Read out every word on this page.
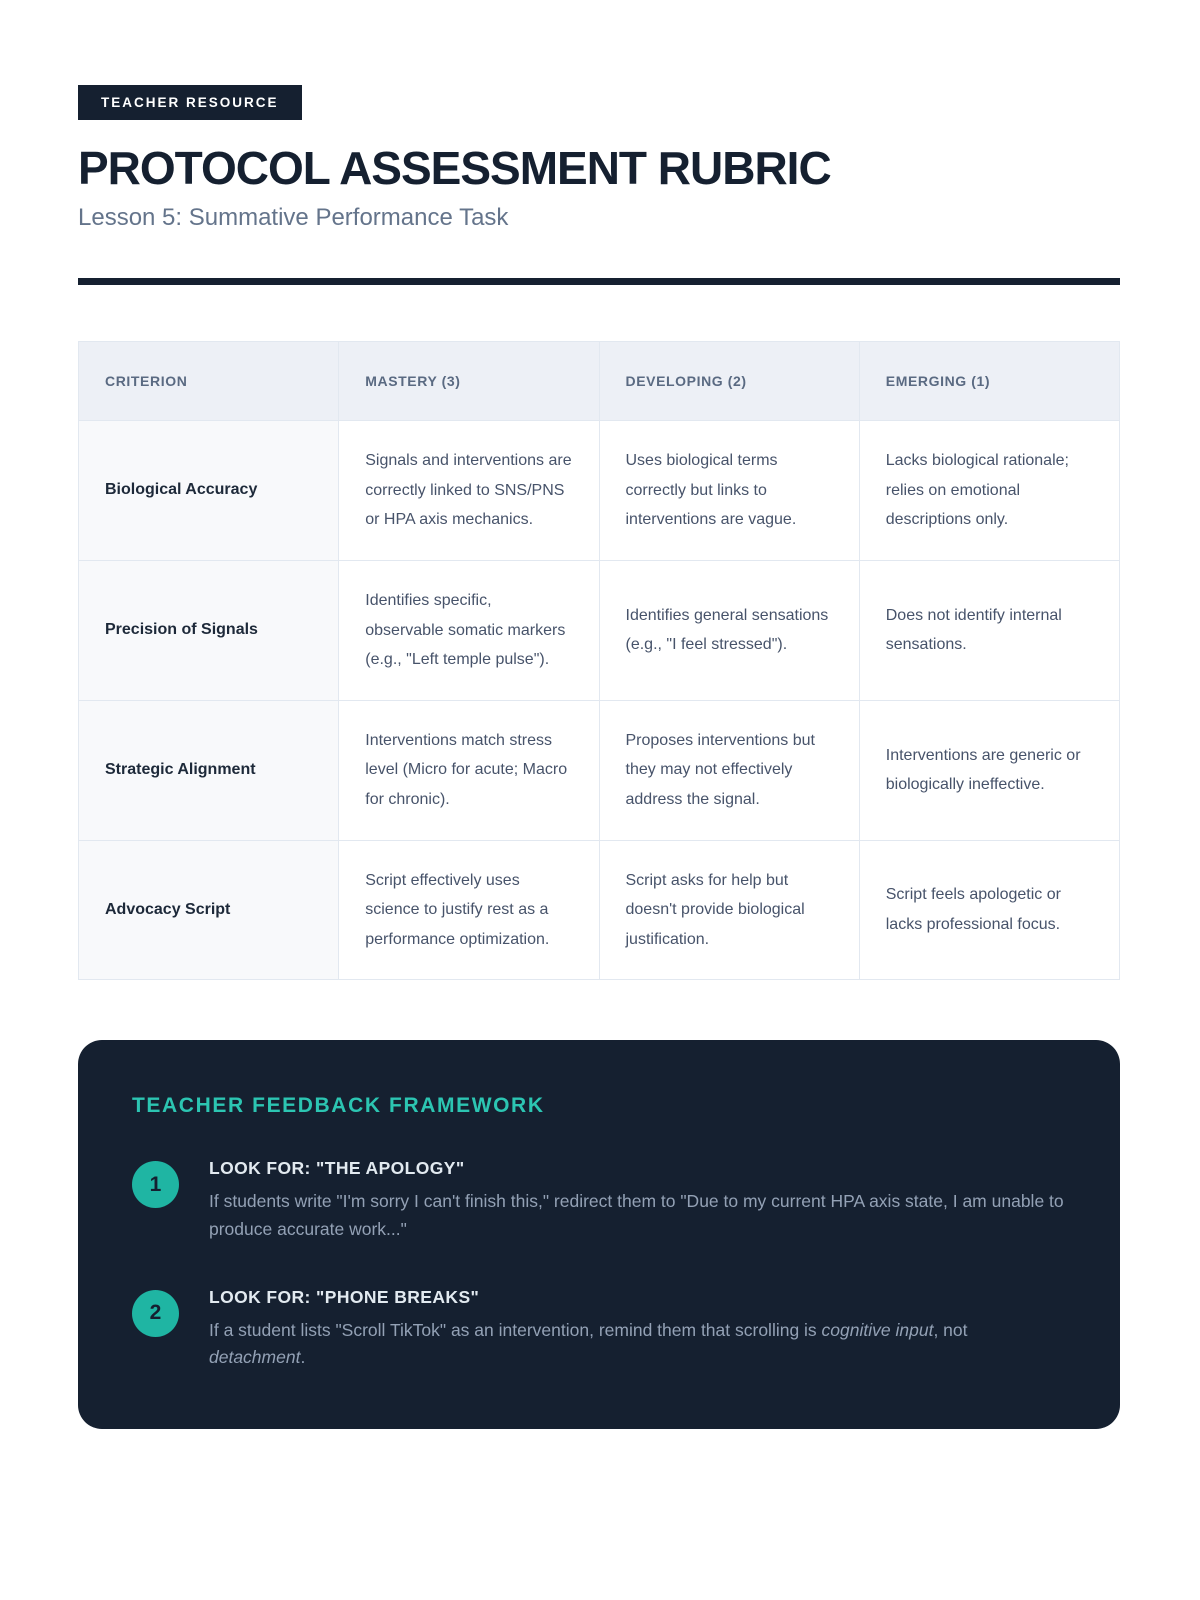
TEACHER RESOURCE
PROTOCOL ASSESSMENT RUBRIC

Lesson 5: Summative Performance Task

CRITERION	MASTERY (3)	DEVELOPING (2)	EMERGING (1)
Biological Accuracy	Signals and interventions are correctly linked to SNS/PNS or HPA axis mechanics.	Uses biological terms correctly but links to interventions are vague.	Lacks biological rationale; relies on emotional descriptions only.
Precision of Signals	Identifies specific, observable somatic markers (e.g., "Left temple pulse").	Identifies general sensations (e.g., "I feel stressed").	Does not identify internal sensations.
Strategic Alignment	Interventions match stress level (Micro for acute; Macro for chronic).	Proposes interventions but they may not effectively address the signal.	Interventions are generic or biologically ineffective.
Advocacy Script	Script effectively uses science to justify rest as a performance optimization.	Script asks for help but doesn't provide biological justification.	Script feels apologetic or lacks professional focus.
TEACHER FEEDBACK FRAMEWORK
1
LOOK FOR: "THE APOLOGY"

If students write "I'm sorry I can't finish this," redirect them to "Due to my current HPA axis state, I am unable to produce accurate work..."

2
LOOK FOR: "PHONE BREAKS"

If a student lists "Scroll TikTok" as an intervention, remind them that scrolling is cognitive input, not detachment.
